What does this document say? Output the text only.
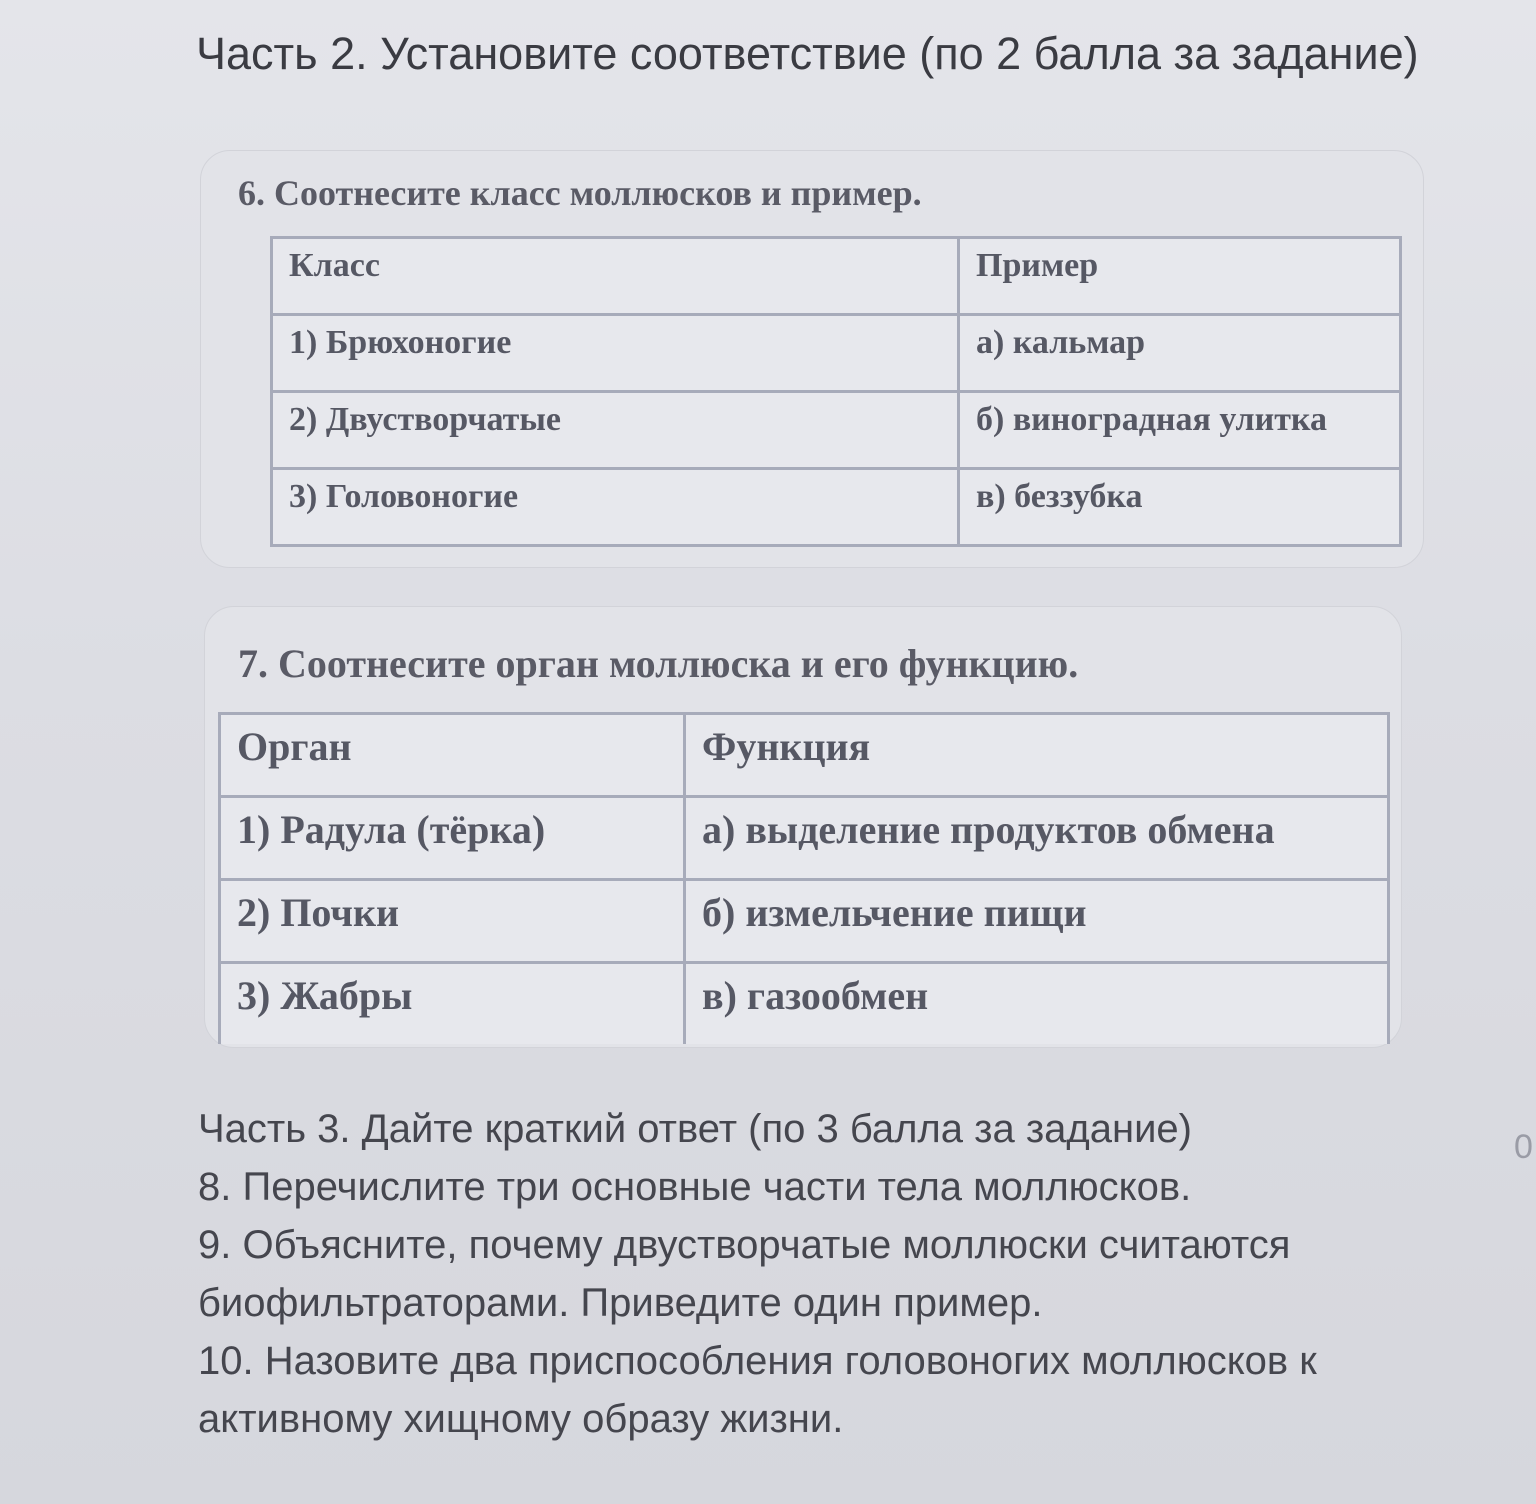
Часть 2. Установите соответствие (по 2 балла за задание)
6. Соотнесите класс моллюсков и пример.
Класс	Пример
1) Брюхоногие	а) кальмар
2) Двустворчатые	б) виноградная улитка
3) Головоногие	в) беззубка
7. Соотнесите орган моллюска и его функцию.
Орган	Функция
1) Радула (тёрка)	а) выделение продуктов обмена
2) Почки	б) измельчение пищи
3) Жабры	в) газообмен
Часть 3. Дайте краткий ответ (по 3 балла за задание)
8. Перечислите три основные части тела моллюсков.
9. Объясните, почему двустворчатые моллюски считаются биофильтраторами. Приведите один пример.
10. Назовите два приспособления головоногих моллюсков к активному хищному образу жизни.
0
